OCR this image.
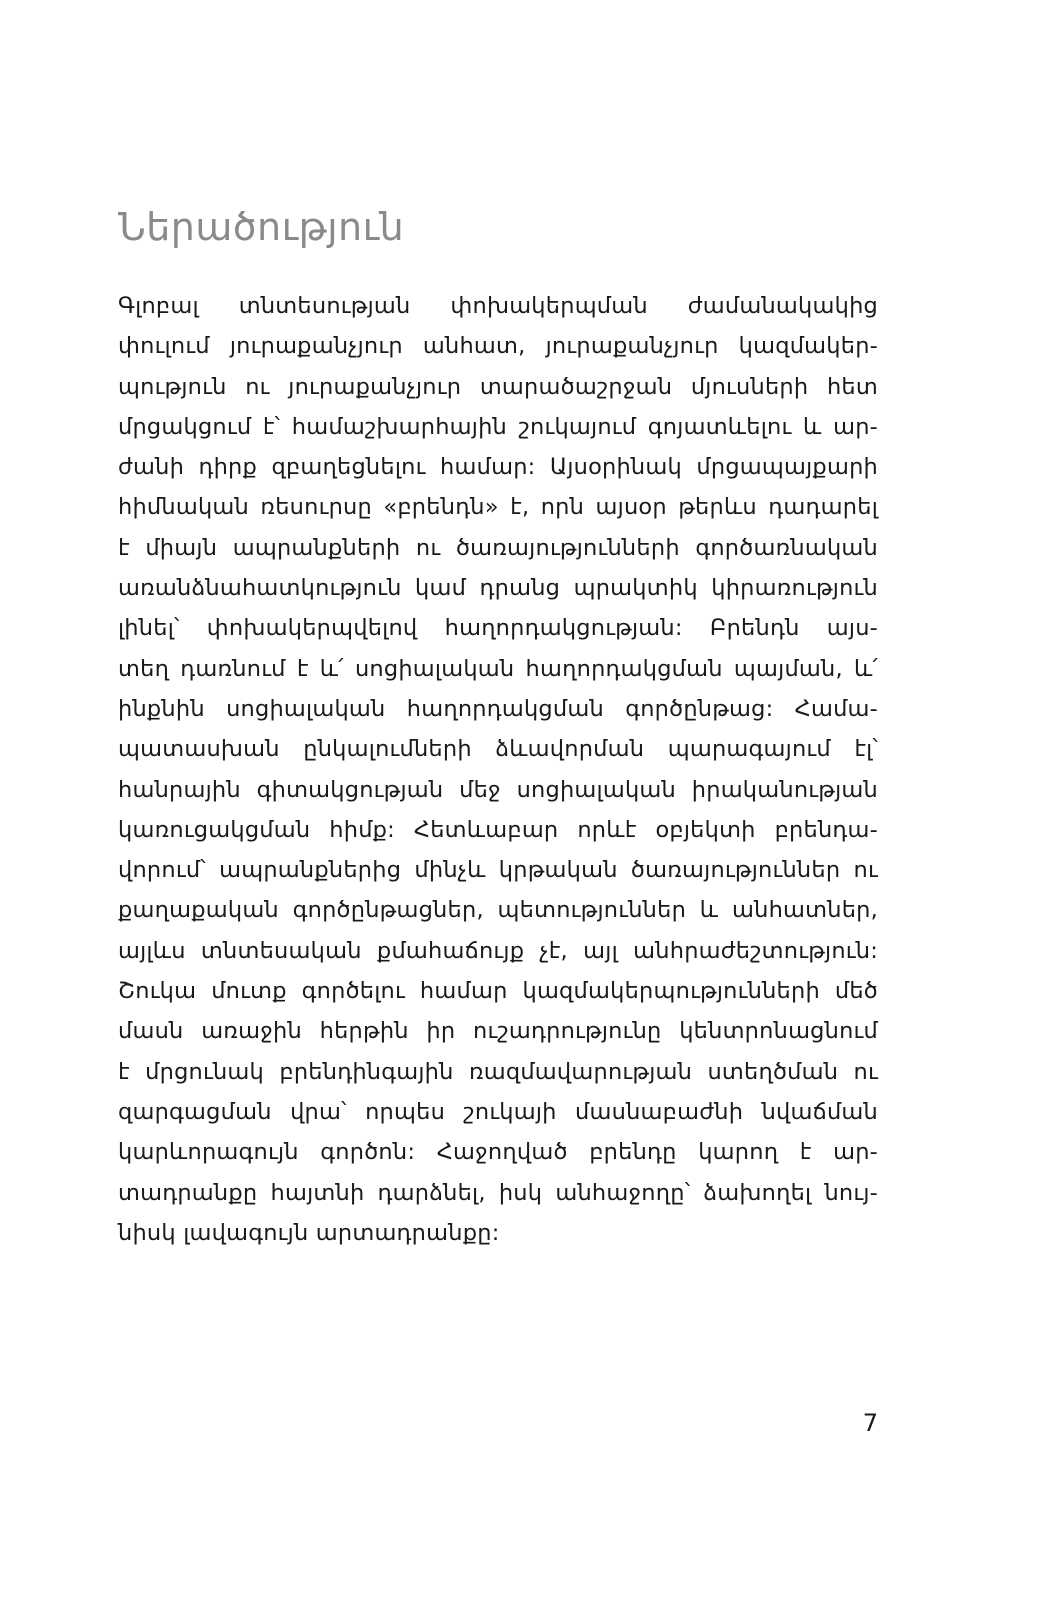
Ներածություն
Գլոբալ տնտեսության փոխակերպման ժամանակակից
փուլում յուրաքանչյուր անհատ, յուրաքանչյուր կազմակեր-
պություն ու յուրաքանչյուր տարածաշրջան մյուսների հետ
մրցակցում է՝ համաշխարհային շուկայում գոյատևելու և ար-
ժանի դիրք զբաղեցնելու համար: Այսօրինակ մրցապայքարի
հիմնական ռեսուրսը «բրենդն» է, որն այսօր թերևս դադարել
է միայն ապրանքների ու ծառայությունների գործառնական
առանձնահատկություն կամ դրանց պրակտիկ կիրառություն
լինել՝ փոխակերպվելով հաղորդակցության: Բրենդն այս-
տեղ դառնում է և՛ սոցիալական հաղորդակցման պայման, և՛
ինքնին սոցիալական հաղորդակցման գործընթաց: Համա-
պատասխան ընկալումների ձևավորման պարագայում էլ՝
հանրային գիտակցության մեջ սոցիալական իրականության
կառուցակցման հիմք: Հետևաբար որևէ օբյեկտի բրենդա-
վորում՝ ապրանքներից մինչև կրթական ծառայություններ ու
քաղաքական գործընթացներ, պետություններ և անհատներ,
այլևս տնտեսական քմահաճույք չէ, այլ անհրաժեշտություն:
Շուկա մուտք գործելու համար կազմակերպությունների մեծ
մասն առաջին հերթին իր ուշադրությունը կենտրոնացնում
է մրցունակ բրենդինգային ռազմավարության ստեղծման ու
զարգացման վրա՝ որպես շուկայի մասնաբաժնի նվաճման
կարևորագույն գործոն: Հաջողված բրենդը կարող է ար-
տադրանքը հայտնի դարձնել, իսկ անհաջողը՝ ձախողել նույ-
նիսկ լավագույն արտադրանքը:
7
